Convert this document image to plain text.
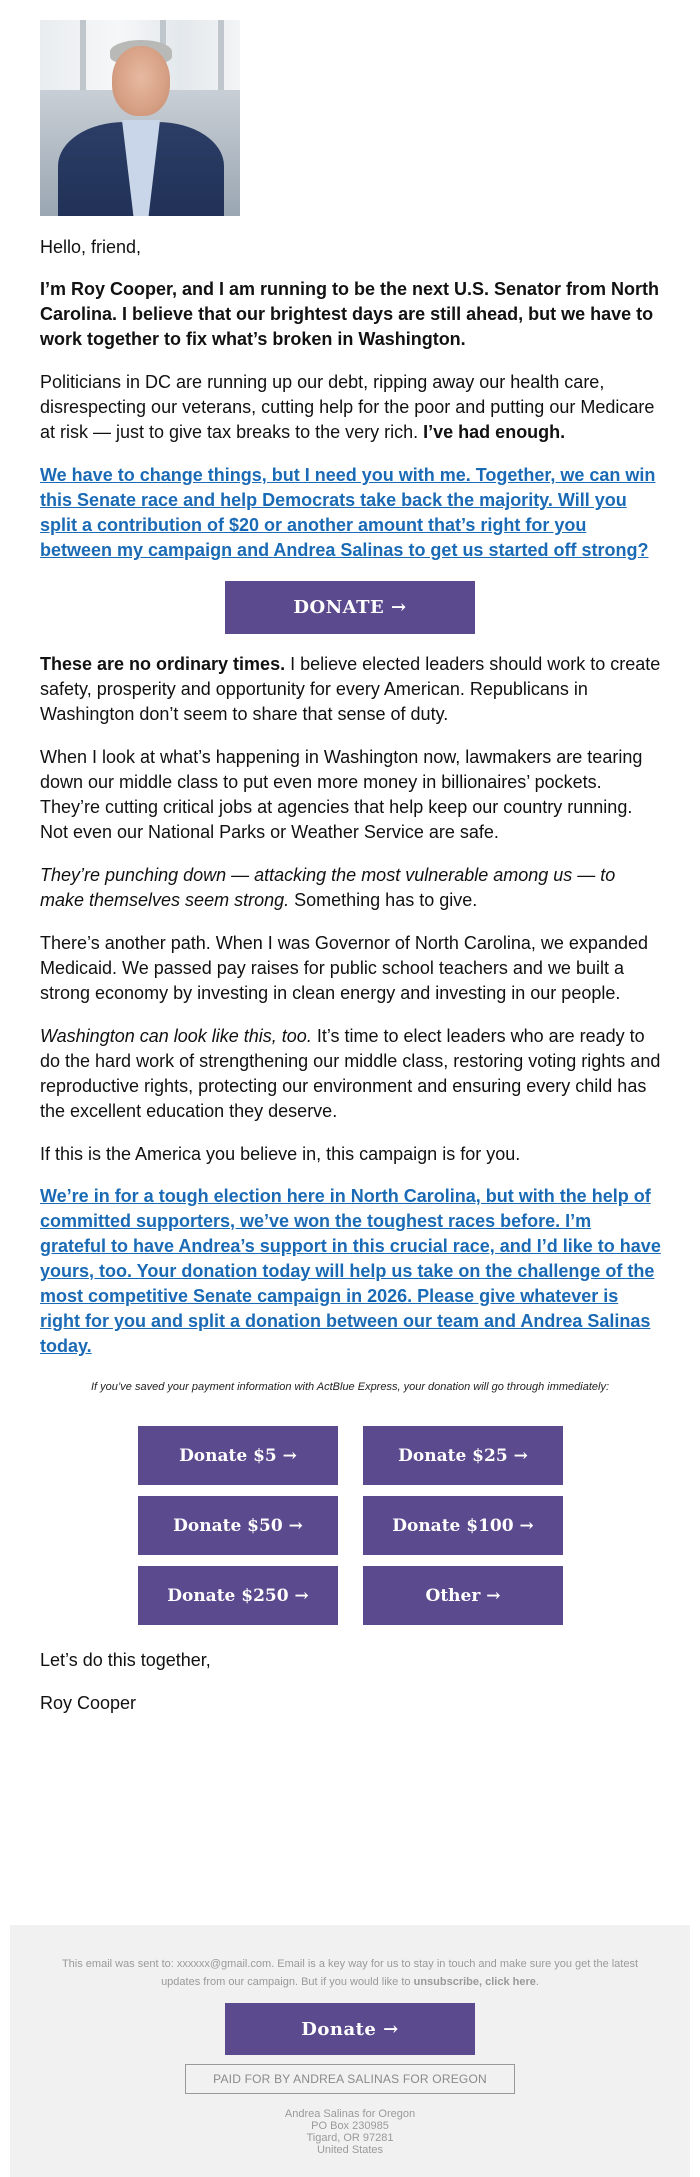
Hello, friend,

I’m Roy Cooper, and I am running to be the next U.S. Senator from North Carolina. I believe that our brightest days are still ahead, but we have to work together to fix what’s broken in Washington.

Politicians in DC are running up our debt, ripping away our health care, disrespecting our veterans, cutting help for the poor and putting our Medicare at risk — just to give tax breaks to the very rich. I’ve had enough.

We have to change things, but I need you with me. Together, we can win this Senate race and help Democrats take back the majority. Will you split a contribution of $20 or another amount that’s right for you between my campaign and Andrea Salinas to get us started off strong?

DONATE →

These are no ordinary times. I believe elected leaders should work to create safety, prosperity and opportunity for every American. Republicans in Washington don’t seem to share that sense of duty.

When I look at what’s happening in Washington now, lawmakers are tearing down our middle class to put even more money in billionaires’ pockets. They’re cutting critical jobs at agencies that help keep our country running. Not even our National Parks or Weather Service are safe.

They’re punching down — attacking the most vulnerable among us — to make themselves seem strong. Something has to give.

There’s another path. When I was Governor of North Carolina, we expanded Medicaid. We passed pay raises for public school teachers and we built a strong economy by investing in clean energy and investing in our people.

Washington can look like this, too. It’s time to elect leaders who are ready to do the hard work of strengthening our middle class, restoring voting rights and reproductive rights, protecting our environment and ensuring every child has the excellent education they deserve.

If this is the America you believe in, this campaign is for you.

We’re in for a tough election here in North Carolina, but with the help of committed supporters, we’ve won the toughest races before. I’m grateful to have Andrea’s support in this crucial race, and I’d like to have yours, too. Your donation today will help us take on the challenge of the most competitive Senate campaign in 2026. Please give whatever is right for you and split a donation between our team and Andrea Salinas today.

If you’ve saved your payment information with ActBlue Express, your donation will go through immediately:
Donate $5 →	Donate $25 →
Donate $50 →	Donate $100 →
Donate $250 →	Other →

Let’s do this together,

Roy Cooper

This email was sent to: xxxxxx@gmail.com. Email is a key way for us to stay in touch and make sure you get the latest updates from our campaign. But if you would like to unsubscribe, click here.
Donate →
PAID FOR BY ANDREA SALINAS FOR OREGON
Andrea Salinas for Oregon
PO Box 230985
Tigard, OR 97281
United States
